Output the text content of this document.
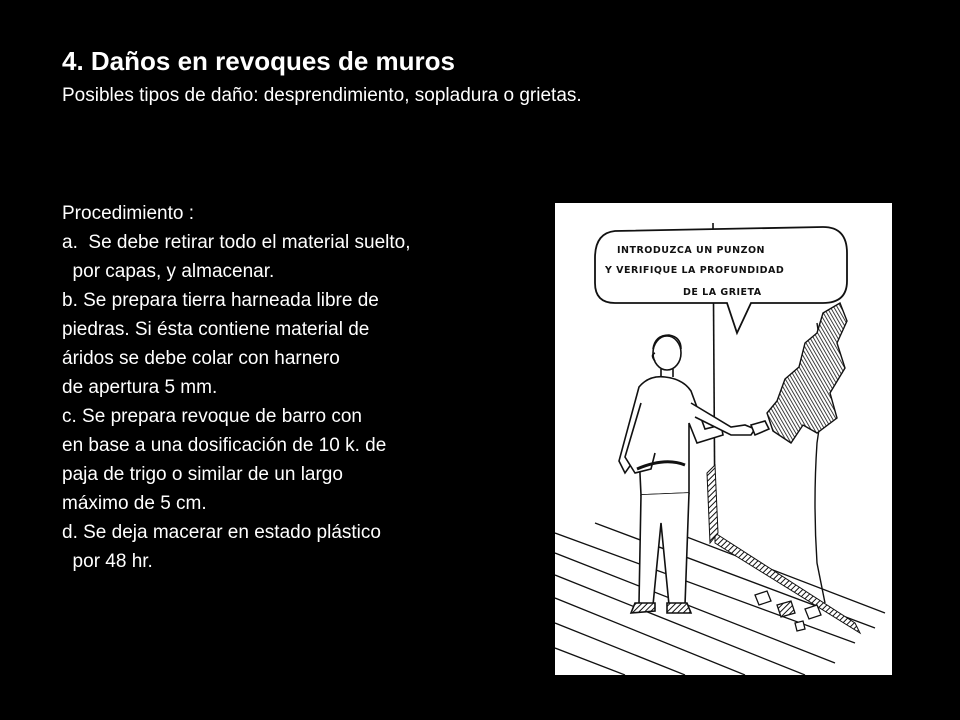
4. Daños en revoques de muros

Posibles tipos de daño: desprendimiento, sopladura o grietas.

Procedimiento :
a.  Se debe retirar todo el material suelto,
por capas, y almacenar.
b. Se prepara tierra harneada libre de
piedras. Si ésta contiene material de
áridos se debe colar con harnero
de apertura 5 mm.
c. Se prepara revoque de barro con
en base a una dosificación de 10 k. de
paja de trigo o similar de un largo
máximo de 5 cm.
d. Se deja macerar en estado plástico
por 48 hr.
INTRODUZCA UN PUNZON
Y VERIFIQUE LA PROFUNDIDAD
DE LA GRIETA
